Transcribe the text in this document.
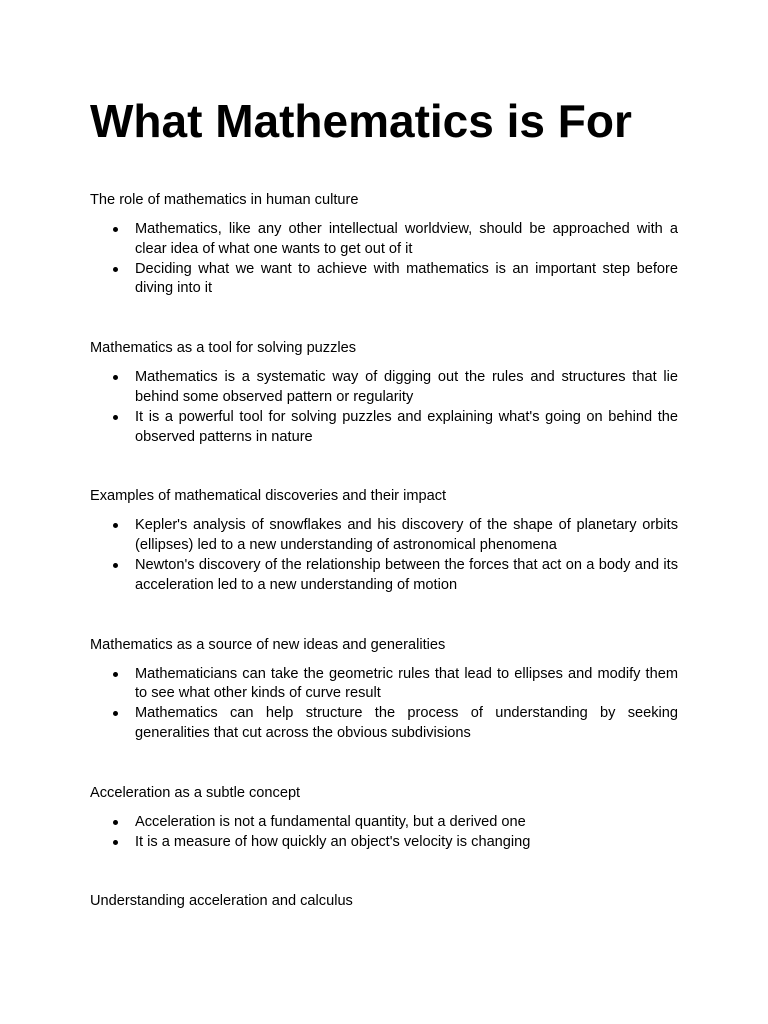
What Mathematics is For

The role of mathematics in human culture

Mathematics, like any other intellectual worldview, should be approached with a clear idea of what one wants to get out of it
Deciding what we want to achieve with mathematics is an important step before diving into it

Mathematics as a tool for solving puzzles

Mathematics is a systematic way of digging out the rules and structures that lie behind some observed pattern or regularity
It is a powerful tool for solving puzzles and explaining what's going on behind the observed patterns in nature

Examples of mathematical discoveries and their impact

Kepler's analysis of snowflakes and his discovery of the shape of planetary orbits (ellipses) led to a new understanding of astronomical phenomena
Newton's discovery of the relationship between the forces that act on a body and its acceleration led to a new understanding of motion

Mathematics as a source of new ideas and generalities

Mathematicians can take the geometric rules that lead to ellipses and modify them to see what other kinds of curve result
Mathematics can help structure the process of understanding by seeking generalities that cut across the obvious subdivisions

Acceleration as a subtle concept

Acceleration is not a fundamental quantity, but a derived one
It is a measure of how quickly an object's velocity is changing

Understanding acceleration and calculus
